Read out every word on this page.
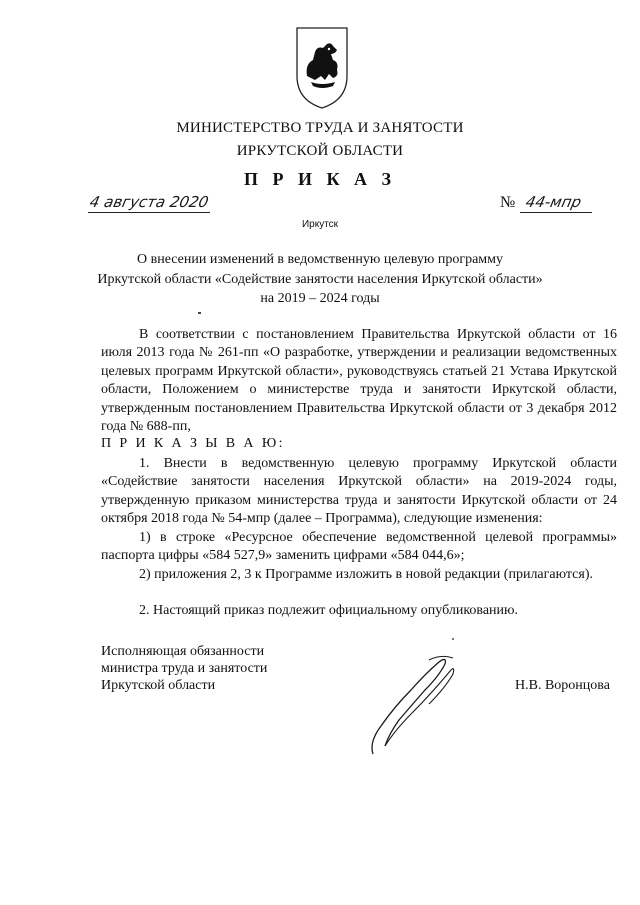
МИНИСТЕРСТВО ТРУДА И ЗАНЯТОСТИ
ИРКУТСКОЙ ОБЛАСТИ
П Р И К А З
4 августа 2020	№ 44-мпр
Иркутск
О внесении изменений в ведомственную целевую программу
Иркутской области «Содействие занятости населения Иркутской области»
на 2019 – 2024 годы
В соответствии с постановлением Правительства Иркутской области от 16 июля 2013 года № 261-пп «О разработке, утверждении и реализации ведомственных целевых программ Иркутской области», руководствуясь статьей 21 Устава Иркутской области, Положением о министерстве труда и занятости Иркутской области, утвержденным постановлением Правительства Иркутской области от 3 декабря 2012 года № 688-пп,
П Р И К А З Ы В А Ю:
1. Внести в ведомственную целевую программу Иркутской области «Содействие занятости населения Иркутской области» на 2019-2024 годы, утвержденную приказом министерства труда и занятости Иркутской области от 24 октября 2018 года № 54-мпр (далее – Программа), следующие изменения:
1) в строке «Ресурсное обеспечение ведомственной целевой программы» паспорта цифры «584 527,9» заменить цифрами «584 044,6»;
2) приложения 2, 3 к Программе изложить в новой редакции (прилагаются).
2. Настоящий приказ подлежит официальному опубликованию.
Исполняющая обязанности
министра труда и занятости
Иркутской области	Н.В. Воронцова
